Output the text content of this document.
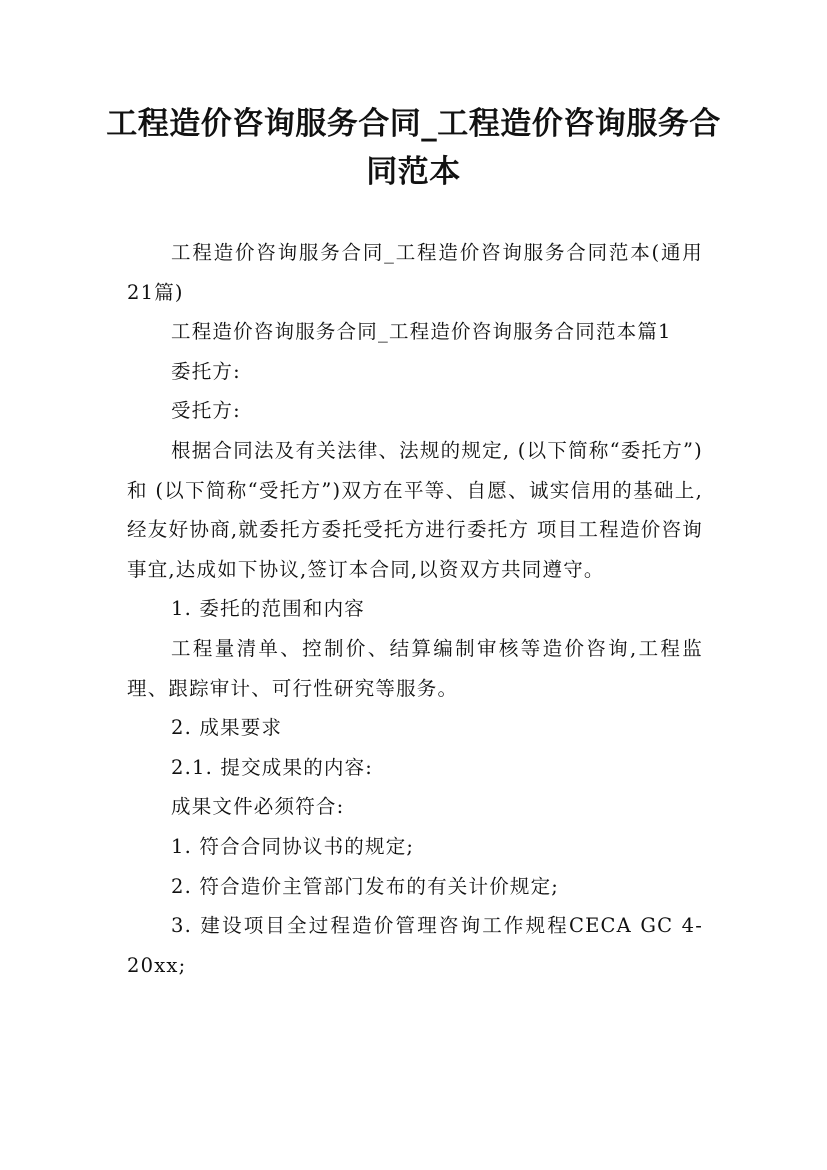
工程造价咨询服务合同_工程造价咨询服务合同范本

工程造价咨询服务合同_工程造价咨询服务合同范本(通用21篇)

工程造价咨询服务合同_工程造价咨询服务合同范本篇1

委托方:

受托方:

根据合同法及有关法律、法规的规定, (以下简称“委托方”)和 (以下简称“受托方”)双方在平等、自愿、诚实信用的基础上,经友好协商,就委托方委托受托方进行委托方 项目工程造价咨询事宜,达成如下协议,签订本合同,以资双方共同遵守。

1. 委托的范围和内容

工程量清单、控制价、结算编制审核等造价咨询,工程监理、跟踪审计、可行性研究等服务。

2. 成果要求

2.1. 提交成果的内容:

成果文件必须符合:

1. 符合合同协议书的规定;

2. 符合造价主管部门发布的有关计价规定;

3. 建设项目全过程造价管理咨询工作规程CECA GC 4-20xx;
